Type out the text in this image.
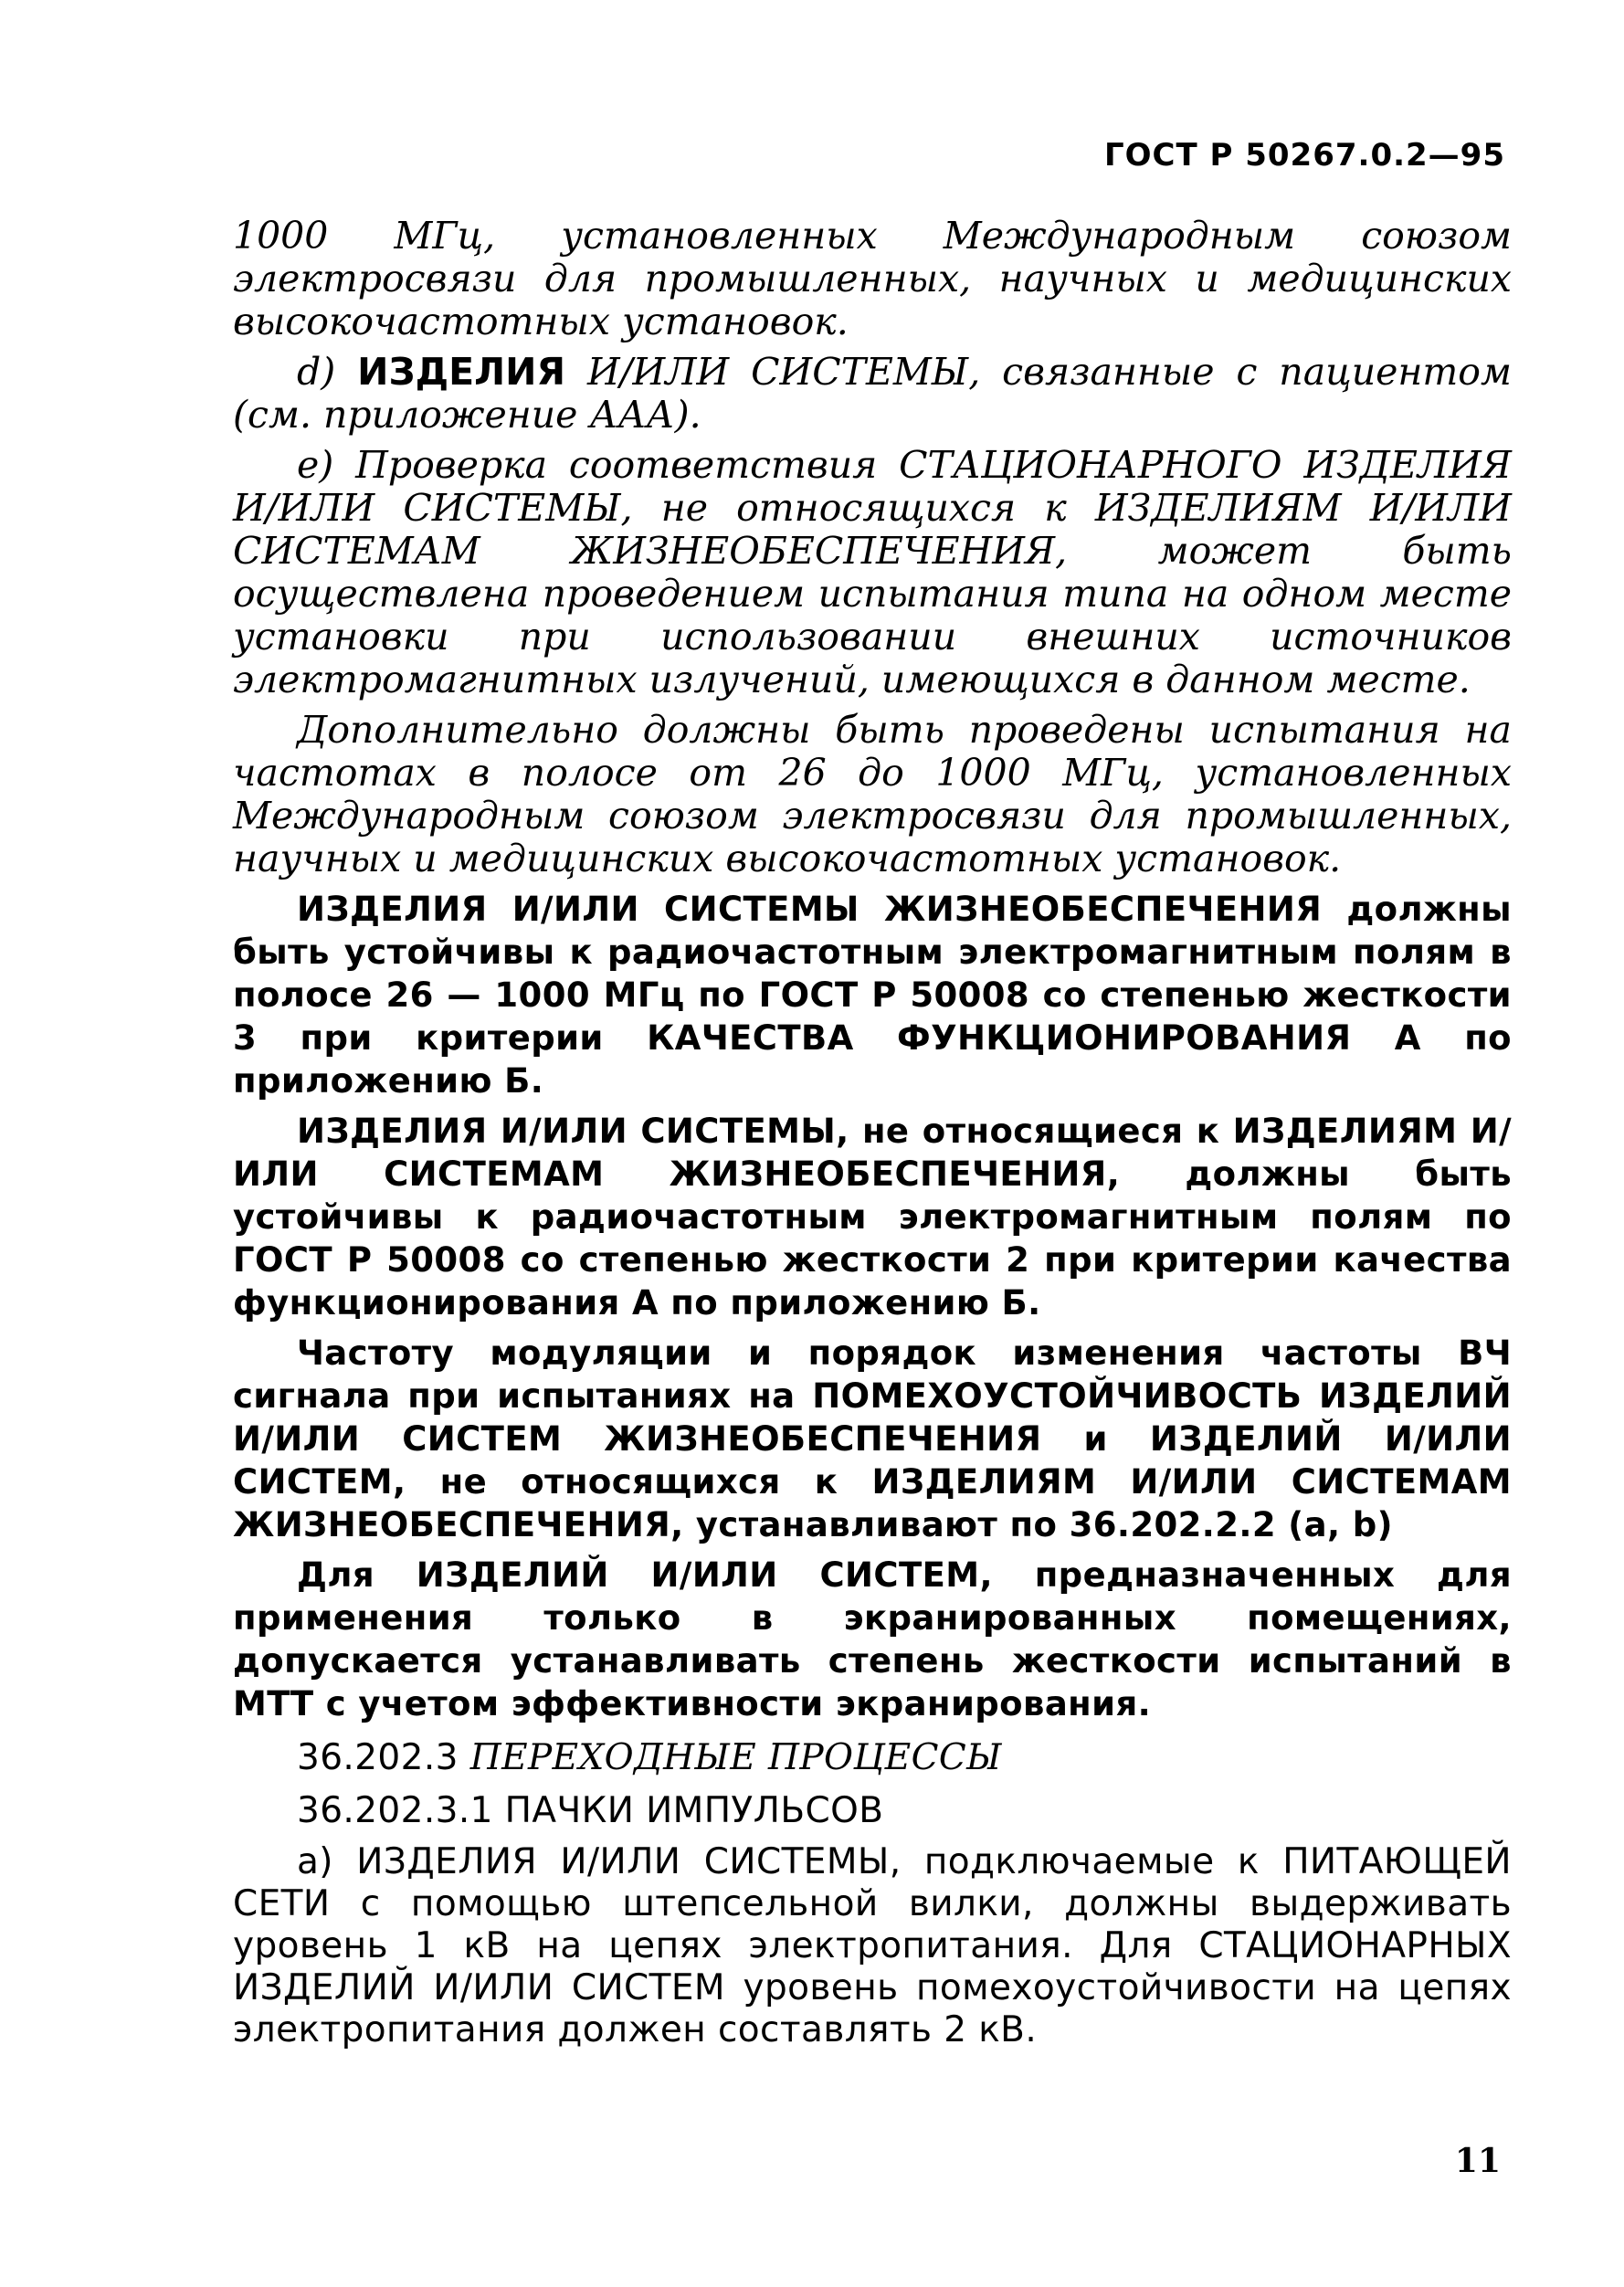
ГОСТ Р 50267.0.2—95

1000 МГц, установленных Международным союзом электросвязи для промышленных, научных и медицинских высокочастотных установок.

d) ИЗДЕЛИЯ И/ИЛИ СИСТЕМЫ, связанные с пациентом (см. приложение ААА).

е) Проверка соответствия СТАЦИОНАРНОГО ИЗДЕЛИЯ И/ИЛИ СИСТЕМЫ, не относящихся к ИЗДЕЛИЯМ И/ИЛИ СИСТЕМАМ ЖИЗНЕОБЕСПЕЧЕНИЯ, может быть осуществлена проведением испытания типа на одном месте установки при использовании внешних источников электромагнитных излучений, имеющихся в данном месте.

Дополнительно должны быть проведены испытания на частотах в полосе от 26 до 1000 МГц, установленных Международным союзом электросвязи для промышленных, научных и медицинских высокочастотных установок.

ИЗДЕЛИЯ И/ИЛИ СИСТЕМЫ ЖИЗНЕОБЕСПЕЧЕНИЯ должны быть устойчивы к радиочастотным электромагнитным полям в полосе 26 — 1000 МГц по ГОСТ Р 50008 со степенью жесткости 3 при критерии КАЧЕСТВА ФУНКЦИОНИРОВАНИЯ А по приложению Б.

ИЗДЕЛИЯ И/ИЛИ СИСТЕМЫ, не относящиеся к ИЗДЕЛИЯМ И/ИЛИ СИСТЕМАМ ЖИЗНЕОБЕСПЕЧЕНИЯ, должны быть устойчивы к радиочастотным электромагнитным полям по ГОСТ Р 50008 со степенью жесткости 2 при критерии качества функционирования А по приложению Б.

Частоту модуляции и порядок изменения частоты ВЧ сигнала при испытаниях на ПОМЕХОУСТОЙЧИВОСТЬ ИЗДЕЛИЙ И/ИЛИ СИСТЕМ ЖИЗНЕОБЕСПЕЧЕНИЯ и ИЗДЕЛИЙ И/ИЛИ СИСТЕМ, не относящихся к ИЗДЕЛИЯМ И/ИЛИ СИСТЕМАМ ЖИЗНЕОБЕСПЕЧЕНИЯ, устанавливают по 36.202.2.2 (a, b)

Для ИЗДЕЛИЙ И/ИЛИ СИСТЕМ, предназначенных для применения только в экранированных помещениях, допускается устанавливать степень жесткости испытаний в МТТ с учетом эффективности экранирования.

36.202.3 ПЕРЕХОДНЫЕ ПРОЦЕССЫ

36.202.3.1 ПАЧКИ ИМПУЛЬСОВ

а) ИЗДЕЛИЯ И/ИЛИ СИСТЕМЫ, подключаемые к ПИТАЮЩЕЙ СЕТИ с помощью штепсельной вилки, должны выдерживать уровень 1 кВ на цепях электропитания. Для СТАЦИОНАРНЫХ ИЗДЕЛИЙ И/ИЛИ СИСТЕМ уровень помехоустойчивости на цепях электропитания должен составлять 2 кВ.

11
